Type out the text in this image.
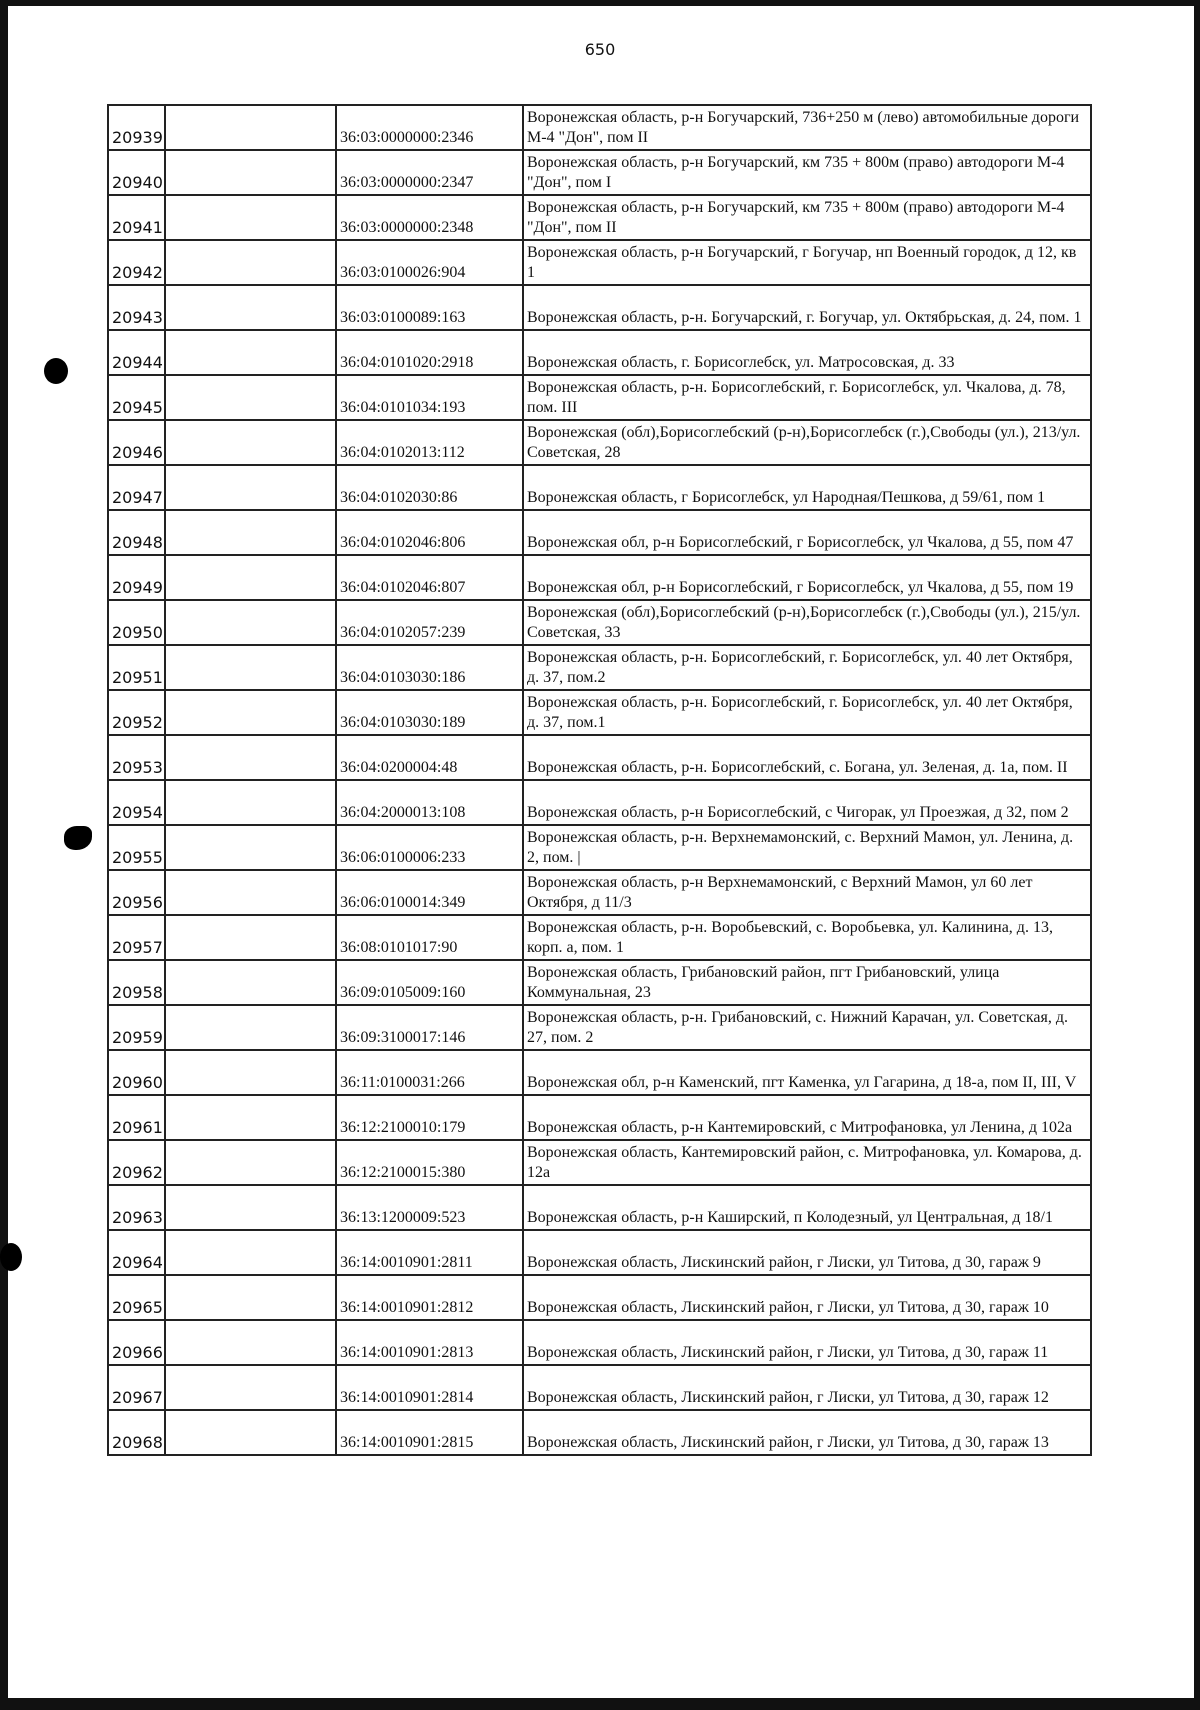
650
20939		36:03:0000000:2346	Воронежская область, р-н Богучарский, 736+250 м (лево) автомобильные дороги М-4 "Дон", пом II
20940		36:03:0000000:2347	Воронежская область, р-н Богучарский, км 735 + 800м (право) автодороги М-4 "Дон", пом I
20941		36:03:0000000:2348	Воронежская область, р-н Богучарский, км 735 + 800м (право) автодороги М-4 "Дон", пом II
20942		36:03:0100026:904	Воронежская область, р-н Богучарский, г Богучар, нп Военный городок, д 12, кв 1
20943		36:03:0100089:163	Воронежская область, р-н. Богучарский, г. Богучар, ул. Октябрьская, д. 24, пом. 1
20944		36:04:0101020:2918	Воронежская область, г. Борисоглебск, ул. Матросовская, д. 33
20945		36:04:0101034:193	Воронежская область, р-н. Борисоглебский, г. Борисоглебск, ул. Чкалова, д. 78, пом. III
20946		36:04:0102013:112	Воронежская (обл),Борисоглебский (р-н),Борисоглебск (г.),Свободы (ул.), 213/ул. Советская, 28
20947		36:04:0102030:86	Воронежская область, г Борисоглебск, ул Народная/Пешкова, д 59/61, пом 1
20948		36:04:0102046:806	Воронежская обл, р-н Борисоглебский, г Борисоглебск, ул Чкалова, д 55, пом 47
20949		36:04:0102046:807	Воронежская обл, р-н Борисоглебский, г Борисоглебск, ул Чкалова, д 55, пом 19
20950		36:04:0102057:239	Воронежская (обл),Борисоглебский (р-н),Борисоглебск (г.),Свободы (ул.), 215/ул. Советская, 33
20951		36:04:0103030:186	Воронежская область, р-н. Борисоглебский, г. Борисоглебск, ул. 40 лет Октября, д. 37, пом.2
20952		36:04:0103030:189	Воронежская область, р-н. Борисоглебский, г. Борисоглебск, ул. 40 лет Октября, д. 37, пом.1
20953		36:04:0200004:48	Воронежская область, р-н. Борисоглебский, с. Богана, ул. Зеленая, д. 1а, пом. II
20954		36:04:2000013:108	Воронежская область, р-н Борисоглебский, с Чигорак, ул Проезжая, д 32, пом 2
20955		36:06:0100006:233	Воронежская область, р-н. Верхнемамонский, с. Верхний Мамон, ул. Ленина, д. 2, пом. |
20956		36:06:0100014:349	Воронежская область, р-н Верхнемамонский, с Верхний Мамон, ул 60 лет Октября, д 11/3
20957		36:08:0101017:90	Воронежская область, р-н. Воробьевский, с. Воробьевка, ул. Калинина, д. 13, корп. а, пом. 1
20958		36:09:0105009:160	Воронежская область, Грибановский район, пгт Грибановский, улица Коммунальная, 23
20959		36:09:3100017:146	Воронежская область, р-н. Грибановский, с. Нижний Карачан, ул. Советская, д. 27, пом. 2
20960		36:11:0100031:266	Воронежская обл, р-н Каменский, пгт Каменка, ул Гагарина, д 18-а, пом II, III, V
20961		36:12:2100010:179	Воронежская область, р-н Кантемировский, с Митрофановка, ул Ленина, д 102а
20962		36:12:2100015:380	Воронежская область, Кантемировский район, с. Митрофановка, ул. Комарова, д. 12а
20963		36:13:1200009:523	Воронежская область, р-н Каширский, п Колодезный, ул Центральная, д 18/1
20964		36:14:0010901:2811	Воронежская область, Лискинский район, г Лиски, ул Титова, д 30, гараж 9
20965		36:14:0010901:2812	Воронежская область, Лискинский район, г Лиски, ул Титова, д 30, гараж 10
20966		36:14:0010901:2813	Воронежская область, Лискинский район, г Лиски, ул Титова, д 30, гараж 11
20967		36:14:0010901:2814	Воронежская область, Лискинский район, г Лиски, ул Титова, д 30, гараж 12
20968		36:14:0010901:2815	Воронежская область, Лискинский район, г Лиски, ул Титова, д 30, гараж 13
